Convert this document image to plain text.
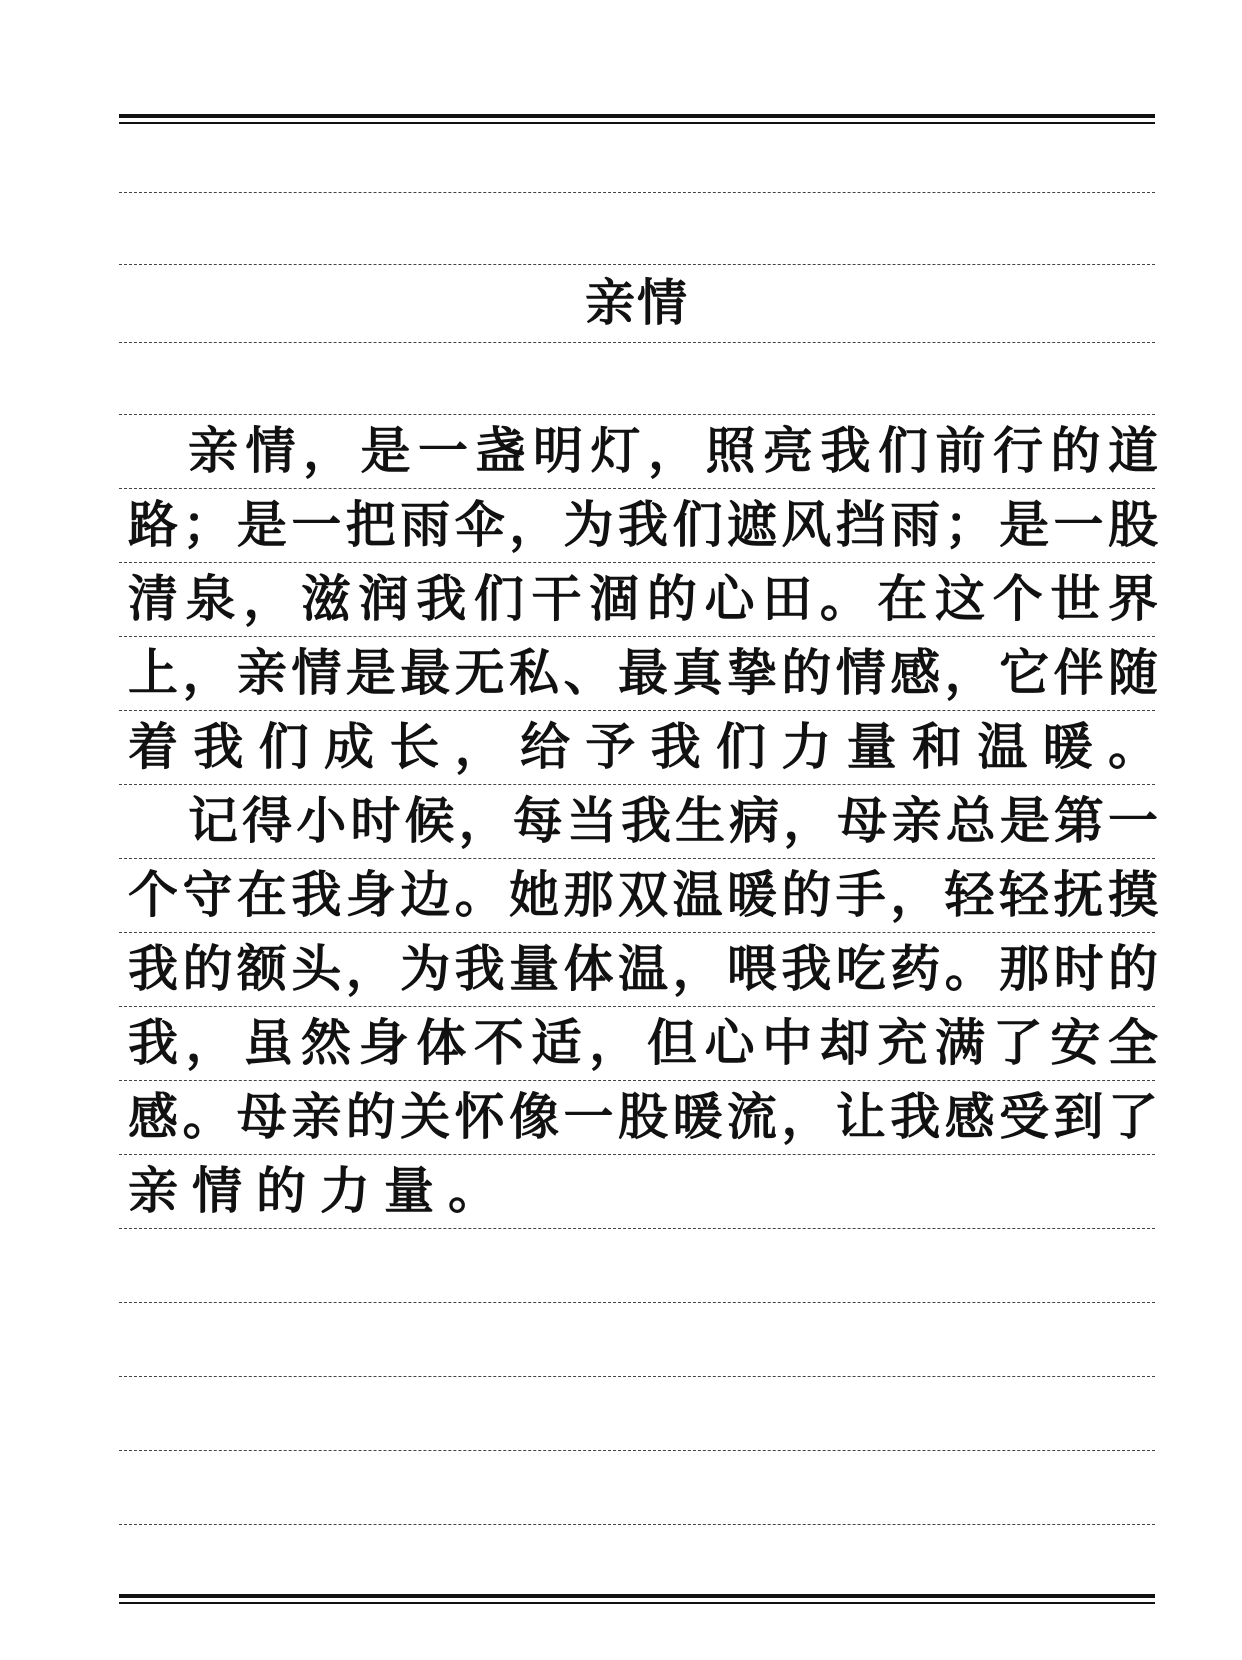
亲情
亲情，是一盏明灯，照亮我们前行的道
路；是一把雨伞，为我们遮风挡雨；是一股
清泉，滋润我们干涸的心田。在这个世界
上，亲情是最无私、最真挚的情感，它伴随
着我们成长，给予我们力量和温暖。
记得小时候，每当我生病，母亲总是第一
个守在我身边。她那双温暖的手，轻轻抚摸
我的额头，为我量体温，喂我吃药。那时的
我，虽然身体不适，但心中却充满了安全
感。母亲的关怀像一股暖流，让我感受到了
亲情的力量。
